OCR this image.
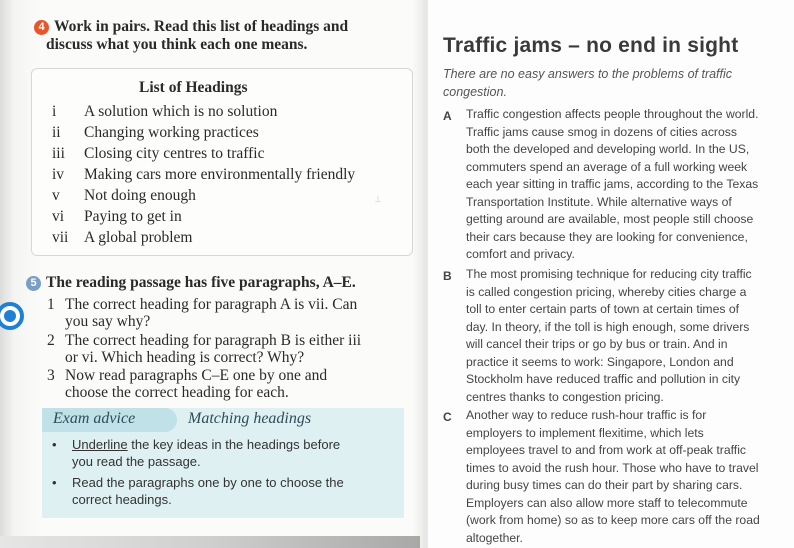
4 Work in pairs. Read this list of headings and
discuss what you think each one means.
List of Headings
i	A solution which is no solution
ii	Changing working practices
iii	Closing city centres to traffic
iv	Making cars more environmentally friendly
v	Not doing enough
vi	Paying to get in
vii	A global problem
⟂
5 The reading passage has five paragraphs, A–E.
1 The correct heading for paragraph A is vii. Can
you say why?
2 The correct heading for paragraph B is either iii
or vi. Which heading is correct? Why?
3 Now read paragraphs C–E one by one and
choose the correct heading for each.
Exam advice	Matching headings
• Underline the key ideas in the headings before
you read the passage.
• Read the paragraphs one by one to choose the
correct headings.
Traffic jams – no end in sight
There are no easy answers to the problems of traffic
congestion.
A Traffic congestion affects people throughout the world.
Traffic jams cause smog in dozens of cities across
both the developed and developing world. In the US,
commuters spend an average of a full working week
each year sitting in traffic jams, according to the Texas
Transportation Institute. While alternative ways of
getting around are available, most people still choose
their cars because they are looking for convenience,
comfort and privacy.
B The most promising technique for reducing city traffic
is called congestion pricing, whereby cities charge a
toll to enter certain parts of town at certain times of
day. In theory, if the toll is high enough, some drivers
will cancel their trips or go by bus or train. And in
practice it seems to work: Singapore, London and
Stockholm have reduced traffic and pollution in city
centres thanks to congestion pricing.
C Another way to reduce rush-hour traffic is for
employers to implement flexitime, which lets
employees travel to and from work at off-peak traffic
times to avoid the rush hour. Those who have to travel
during busy times can do their part by sharing cars.
Employers can also allow more staff to telecommute
(work from home) so as to keep more cars off the road
altogether.
